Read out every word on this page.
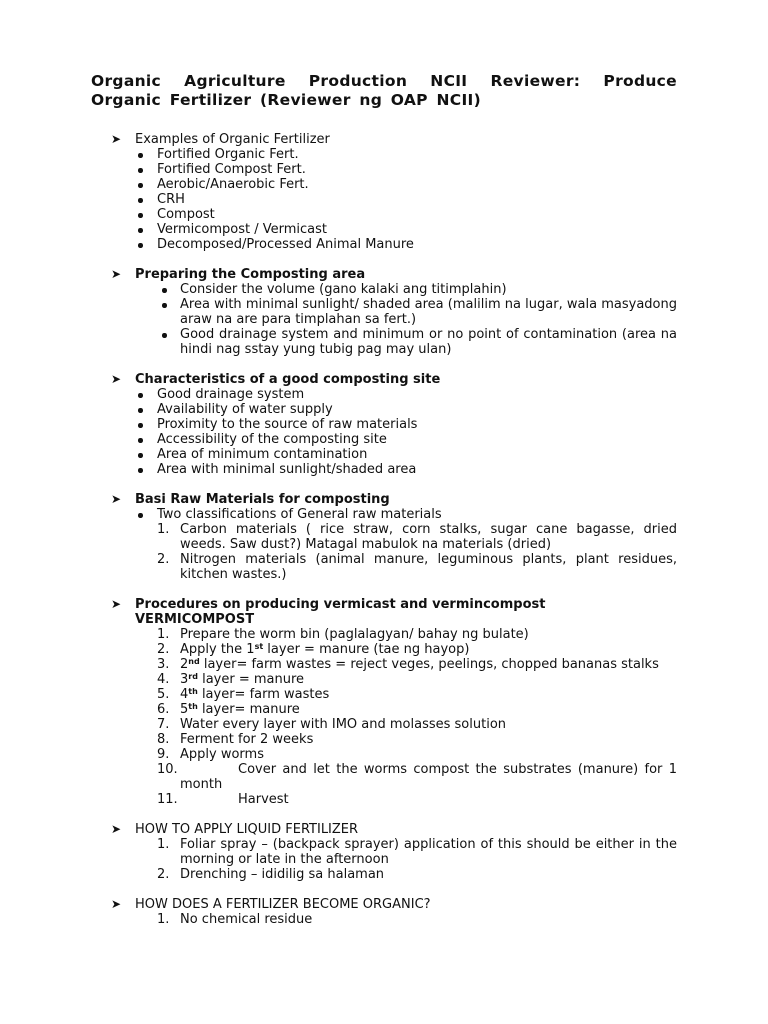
Organic Agriculture Production NCII Reviewer: Produce Organic Fertilizer (Reviewer ng OAP NCII)
➤ Examples of Organic Fertilizer
Fortified Organic Fert.
Fortified Compost Fert.
Aerobic/Anaerobic Fert.
CRH
Compost
Vermicompost / Vermicast
Decomposed/Processed Animal Manure
➤ Preparing the Composting area
Consider the volume (gano kalaki ang titimplahin)
Area with minimal sunlight/ shaded area (malilim na lugar, wala masyadong araw na are para timplahan sa fert.)
Good drainage system and minimum or no point of contamination (area na hindi nag sstay yung tubig pag may ulan)
➤ Characteristics of a good composting site
Good drainage system
Availability of water supply
Proximity to the source of raw materials
Accessibility of the composting site
Area of minimum contamination
Area with minimal sunlight/shaded area
➤ Basi Raw Materials for composting
Two classifications of General raw materials
1. Carbon materials ( rice straw, corn stalks, sugar cane bagasse, dried weeds. Saw dust?) Matagal mabulok na materials (dried)
2. Nitrogen materials (animal manure, leguminous plants, plant residues, kitchen wastes.)
➤ Procedures on producing vermicast and vermincompost
VERMICOMPOST
1. Prepare the worm bin (paglalagyan/ bahay ng bulate)
2. Apply the 1st layer = manure (tae ng hayop)
3. 2nd layer= farm wastes = reject veges, peelings, chopped bananas stalks
4. 3rd layer = manure
5. 4th layer= farm wastes
6. 5th layer= manure
7. Water every layer with IMO and molasses solution
8. Ferment for 2 weeks
9. Apply worms
10.	Cover and let the worms compost the substrates (manure) for 1 month
11.	Harvest
➤ HOW TO APPLY LIQUID FERTILIZER
1. Foliar spray – (backpack sprayer) application of this should be either in the morning or late in the afternoon
2. Drenching – ididilig sa halaman
➤ HOW DOES A FERTILIZER BECOME ORGANIC?
1. No chemical residue
